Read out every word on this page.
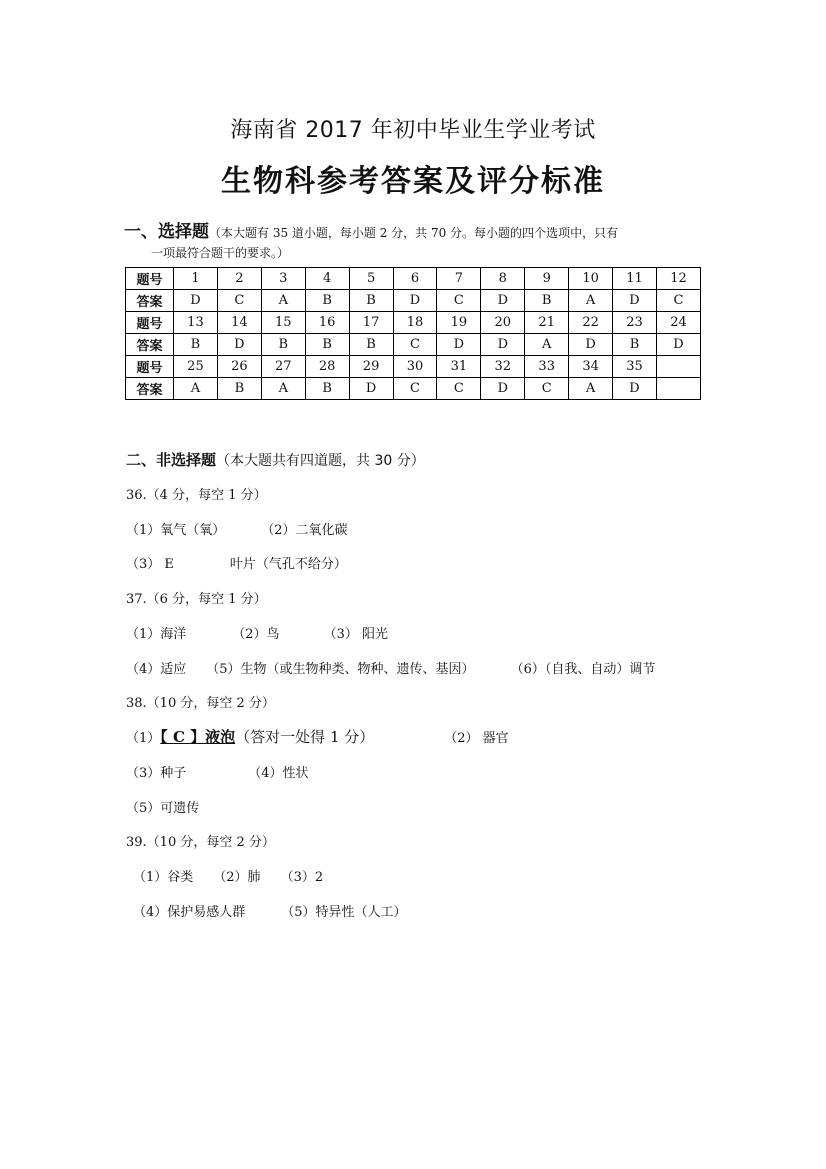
海南省 2017 年初中毕业生学业考试
生物科参考答案及评分标准
一、选择题（本大题有 35 道小题，每小题 2 分，共 70 分。每小题的四个选项中，只有
一项最符合题干的要求。）
题号	1	2	3	4	5	6	7	8	9	10	11	12
答案	D	C	A	B	B	D	C	D	B	A	D	C
题号	13	14	15	16	17	18	19	20	21	22	23	24
答案	B	D	B	B	B	C	D	D	A	D	B	D
题号	25	26	27	28	29	30	31	32	33	34	35	
答案	A	B	A	B	D	C	C	D	C	A	D	
二、非选择题（本大题共有四道题，共 30 分）
36.（4 分，每空 1 分）
（1）氧气（氧）	（2）二氧化碳
（3） E	叶片（气孔不给分）
37.（6 分，每空 1 分）
（1）海洋	（2）鸟	（3） 阳光
（4）适应 （5）生物（或生物种类、物种、遗传、基因）	（6）（自我、自动）调节
38.（10 分，每空 2 分）
（1）【 C 】液泡（答对一处得 1 分）	（2） 器官
（3）种子	（4）性状
（5）可遗传
39.（10 分，每空 2 分）
（1）谷类 （2）肺 （3）2
（4）保护易感人群	（5）特异性（人工）
